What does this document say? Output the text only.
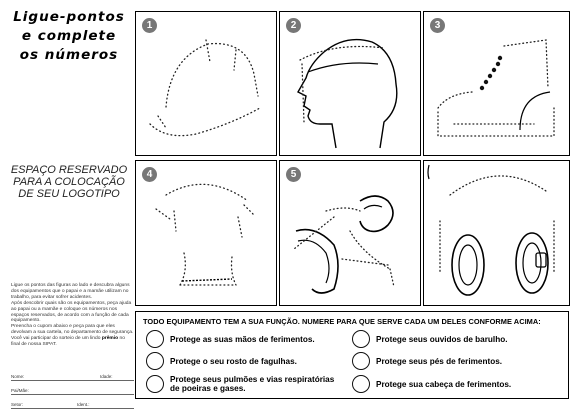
Ligue-pontos
e complete
os números
ESPAÇO RESERVADO
PARA A COLOCAÇÃO
DE SEU LOGOTIPO

Ligue os pontos das figuras ao lado e descubra alguns dos equipamentos que o papai e a mamãe utilizam no trabalho, para evitar sofrer acidentes.

Após descobrir quais são os equipamentos, peça ajuda ao papai ou a mamãe e coloque os números nos espaços reservados, de acordo com a função de cada equipamento.

Preencha o cupom abaixo e peça para que eles devolvam a sua cartela, no departamento de segurança.

Você vai participar do sorteio de um lindo prêmio no final de nossa SIPAT.

Nome:	Idade:
Pai/Mãe:
Setor:	Ident.:
1	2	3
4	5
TODO EQUIPAMENTO TEM A SUA FUNÇÃO. NUMERE PARA QUE SERVE CADA UM DELES CONFORME ACIMA:
Protege as suas mãos de ferimentos.	Protege seus ouvidos de barulho.
Protege o seu rosto de fagulhas.	Protege seus pés de ferimentos.
Protege seus pulmões e vias respiratórias
de poeiras e gases.	Protege sua cabeça de ferimentos.
